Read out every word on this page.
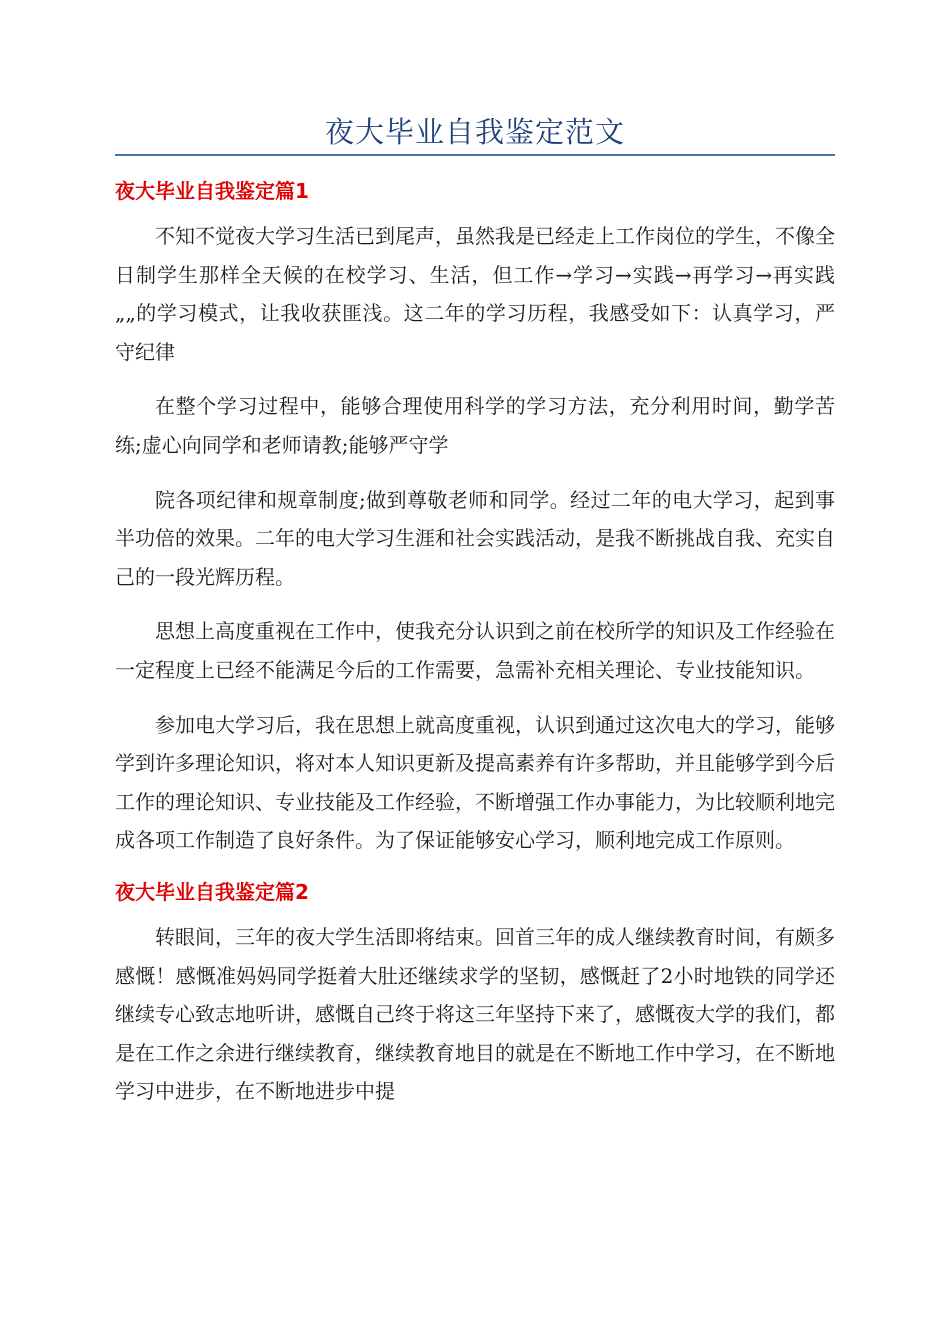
夜大毕业自我鉴定范文
夜大毕业自我鉴定篇1

不知不觉夜大学习生活已到尾声，虽然我是已经走上工作岗位的学生，不像全日制学生那样全天候的在校学习、生活，但工作→学习→实践→再学习→再实践„„的学习模式，让我收获匪浅。这二年的学习历程，我感受如下：认真学习，严守纪律

在整个学习过程中，能够合理使用科学的学习方法，充分利用时间，勤学苦练;虚心向同学和老师请教;能够严守学

院各项纪律和规章制度;做到尊敬老师和同学。经过二年的电大学习，起到事半功倍的效果。二年的电大学习生涯和社会实践活动，是我不断挑战自我、充实自己的一段光辉历程。

思想上高度重视在工作中，使我充分认识到之前在校所学的知识及工作经验在一定程度上已经不能满足今后的工作需要，急需补充相关理论、专业技能知识。

参加电大学习后，我在思想上就高度重视，认识到通过这次电大的学习，能够学到许多理论知识，将对本人知识更新及提高素养有许多帮助，并且能够学到今后工作的理论知识、专业技能及工作经验，不断增强工作办事能力，为比较顺利地完成各项工作制造了良好条件。为了保证能够安心学习，顺利地完成工作原则。

夜大毕业自我鉴定篇2

转眼间，三年的夜大学生活即将结束。回首三年的成人继续教育时间，有颇多感慨！感慨准妈妈同学挺着大肚还继续求学的坚韧，感慨赶了2小时地铁的同学还继续专心致志地听讲，感慨自己终于将这三年坚持下来了，感慨夜大学的我们，都是在工作之余进行继续教育，继续教育地目的就是在不断地工作中学习，在不断地学习中进步，在不断地进步中提
